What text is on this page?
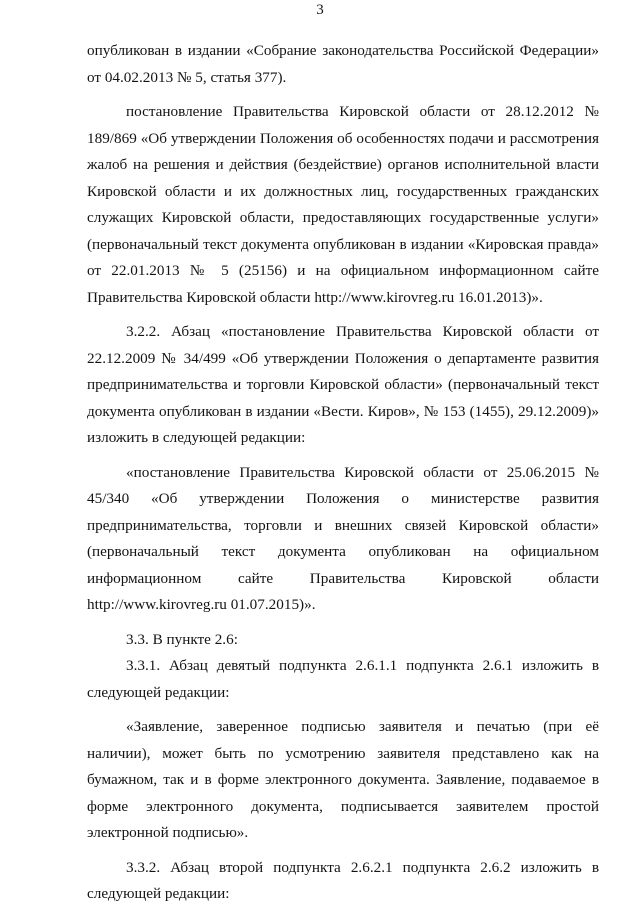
3

опубликован в издании «Собрание законодательства Российской Федерации» от 04.02.2013 № 5, статья 377).

постановление Правительства Кировской области от 28.12.2012 № 189/869 «Об утверждении Положения об особенностях подачи и рассмотрения жалоб на решения и действия (бездействие) органов исполнительной власти Кировской области и их должностных лиц, государственных гражданских служащих Кировской области, предоставляющих государственные услуги» (первоначальный текст документа опубликован в издании «Кировская правда» от 22.01.2013 № 5 (25156) и на официальном информационном сайте Правительства Кировской области http://www.kirovreg.ru 16.01.2013)».

3.2.2. Абзац «постановление Правительства Кировской области от 22.12.2009 № 34/499 «Об утверждении Положения о департаменте развития предпринимательства и торговли Кировской области» (первоначальный текст документа опубликован в издании «Вести. Киров», № 153 (1455), 29.12.2009)» изложить в следующей редакции:

«постановление Правительства Кировской области от 25.06.2015 № 45/340 «Об утверждении Положения о министерстве развития предпринимательства, торговли и внешних связей Кировской области» (первоначальный текст документа опубликован на официальном информационном сайте Правительства Кировской области http://www.kirovreg.ru 01.07.2015)».

3.3. В пункте 2.6:

3.3.1. Абзац девятый подпункта 2.6.1.1 подпункта 2.6.1 изложить в следующей редакции:

«Заявление, заверенное подписью заявителя и печатью (при её наличии), может быть по усмотрению заявителя представлено как на бумажном, так и в форме электронного документа. Заявление, подаваемое в форме электронного документа, подписывается заявителем простой электронной подписью».

3.3.2. Абзац второй подпункта 2.6.2.1 подпункта 2.6.2 изложить в следующей редакции:
